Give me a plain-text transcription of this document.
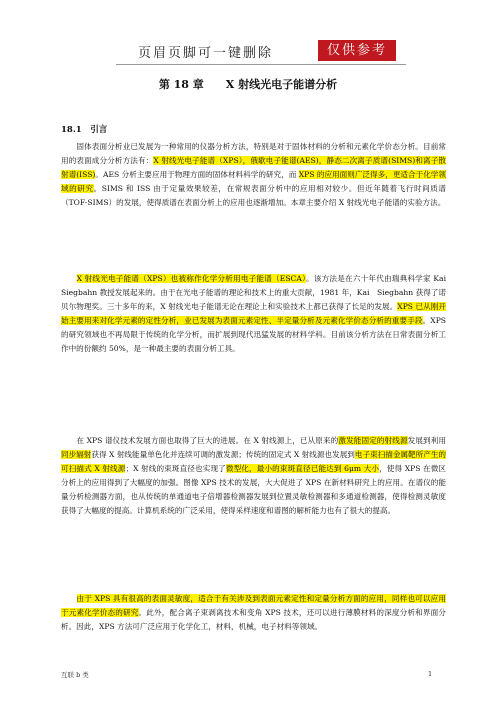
页眉页脚可一键删除	仅供参考
第 18 章　　X 射线光电子能谱分析
18.1　引言

　　固体表面分析业已发展为一种常用的仪器分析方法，特别是对于固体材料的分析和元素化学价态分析。目前常用的表面成分分析方法有：X 射线光电子能谱（XPS），俄歇电子能谱(AES)，静态二次离子质谱(SIMS)和离子散射谱(ISS)。AES 分析主要应用于物理方面的固体材料科学的研究，而 XPS 的应用面则广泛得多，更适合于化学领域的研究。SIMS 和 ISS 由于定量效果较差，在常规表面分析中的应用相对较少。但近年随着飞行时间质谱（TOF-SIMS）的发展，使得质谱在表面分析上的应用也逐渐增加。本章主要介绍 X 射线光电子能谱的实验方法。

　　X 射线光电子能谱（XPS）也被称作化学分析用电子能谱（ESCA）。该方法是在六十年代由瑞典科学家 Kai　Siegbahn 教授发展起来的。由于在光电子能谱的理论和技术上的重大贡献，1981 年，Kai　Siegbahn 获得了诺贝尔物理奖。三十多年的来，X 射线光电子能谱无论在理论上和实验技术上都已获得了长足的发展。XPS 已从刚开始主要用来对化学元素的定性分析，业已发展为表面元素定性、半定量分析及元素化学价态分析的重要手段。XPS 的研究领域也不再局限于传统的化学分析，而扩展到现代迅猛发展的材料学科。目前该分析方法在日常表面分析工作中的份额约 50%，是一种最主要的表面分析工具。

　　在 XPS 谱仪技术发展方面也取得了巨大的进展。在 X 射线源上，已从原来的激发能固定的射线源发展到利用同步辐射获得 X 射线能量单色化并连续可调的激发源；传统的固定式 X 射线源也发展到电子束扫描金属靶所产生的可扫描式 X 射线源；X 射线的束斑直径也实现了微型化，最小的束斑直径已能达到 6μm 大小，使得 XPS 在微区分析上的应用得到了大幅度的加强。图像 XPS 技术的发展，大大促进了 XPS 在新材料研究上的应用。在谱仪的能量分析检测器方面，也从传统的单通道电子倍增器检测器发展到位置灵敏检测器和多通道检测器，使得检测灵敏度获得了大幅度的提高。计算机系统的广泛采用，使得采样速度和谱图的解析能力也有了很大的提高。

　　由于 XPS 具有很高的表面灵敏度，适合于有关涉及到表面元素定性和定量分析方面的应用，同样也可以应用于元素化学价态的研究。此外，配合离子束剥离技术和变角 XPS 技术，还可以进行薄膜材料的深度分析和界面分析。因此，XPS 方法可广泛应用于化学化工，材料，机械，电子材料等领域。

互联 b 类	1
